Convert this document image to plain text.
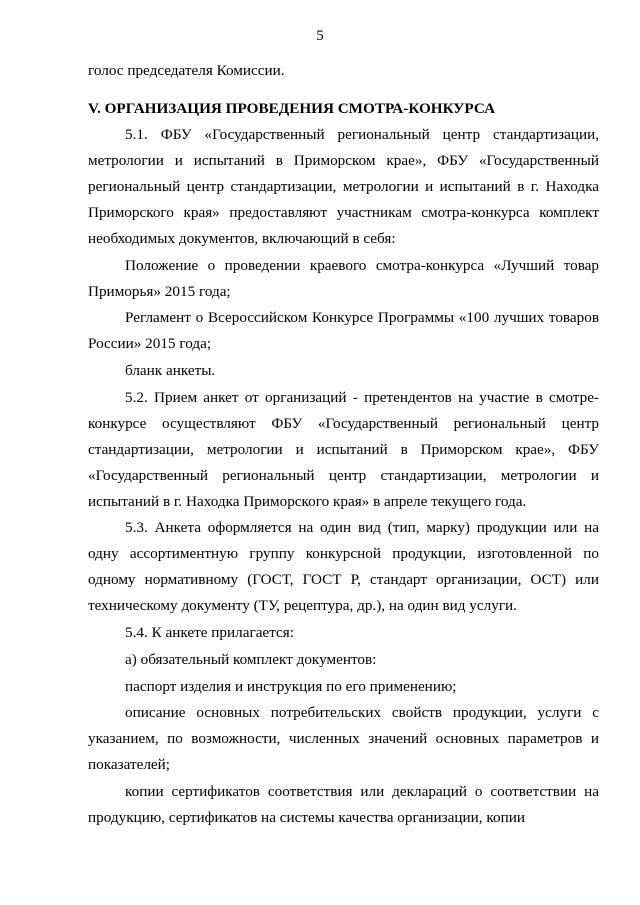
5

голос председателя Комиссии.

V. ОРГАНИЗАЦИЯ ПРОВЕДЕНИЯ СМОТРА-КОНКУРСА

5.1. ФБУ «Государственный региональный центр стандартизации, метрологии и испытаний в Приморском крае», ФБУ «Государственный региональный центр стандартизации, метрологии и испытаний в г. Находка Приморского края» предоставляют участникам смотра-конкурса комплект необходимых документов, включающий в себя:

Положение о проведении краевого смотра-конкурса «Лучший товар Приморья» 2015 года;

Регламент о Всероссийском Конкурсе Программы «100 лучших товаров России» 2015 года;

бланк анкеты.

5.2. Прием анкет от организаций - претендентов на участие в смотре-конкурсе осуществляют ФБУ «Государственный региональный центр стандартизации, метрологии и испытаний в Приморском крае», ФБУ «Государственный региональный центр стандартизации, метрологии и испытаний в г. Находка Приморского края» в апреле текущего года.

5.3. Анкета оформляется на один вид (тип, марку) продукции или на одну ассортиментную группу конкурсной продукции, изготовленной по одному нормативному (ГОСТ, ГОСТ Р, стандарт организации, ОСТ) или техническому документу (ТУ, рецептура, др.), на один вид услуги.

5.4. К анкете прилагается:

а) обязательный комплект документов:

паспорт изделия и инструкция по его применению;

описание основных потребительских свойств продукции, услуги с указанием, по возможности, численных значений основных параметров и показателей;

копии сертификатов соответствия или деклараций о соответствии на продукцию, сертификатов на системы качества организации, копии
